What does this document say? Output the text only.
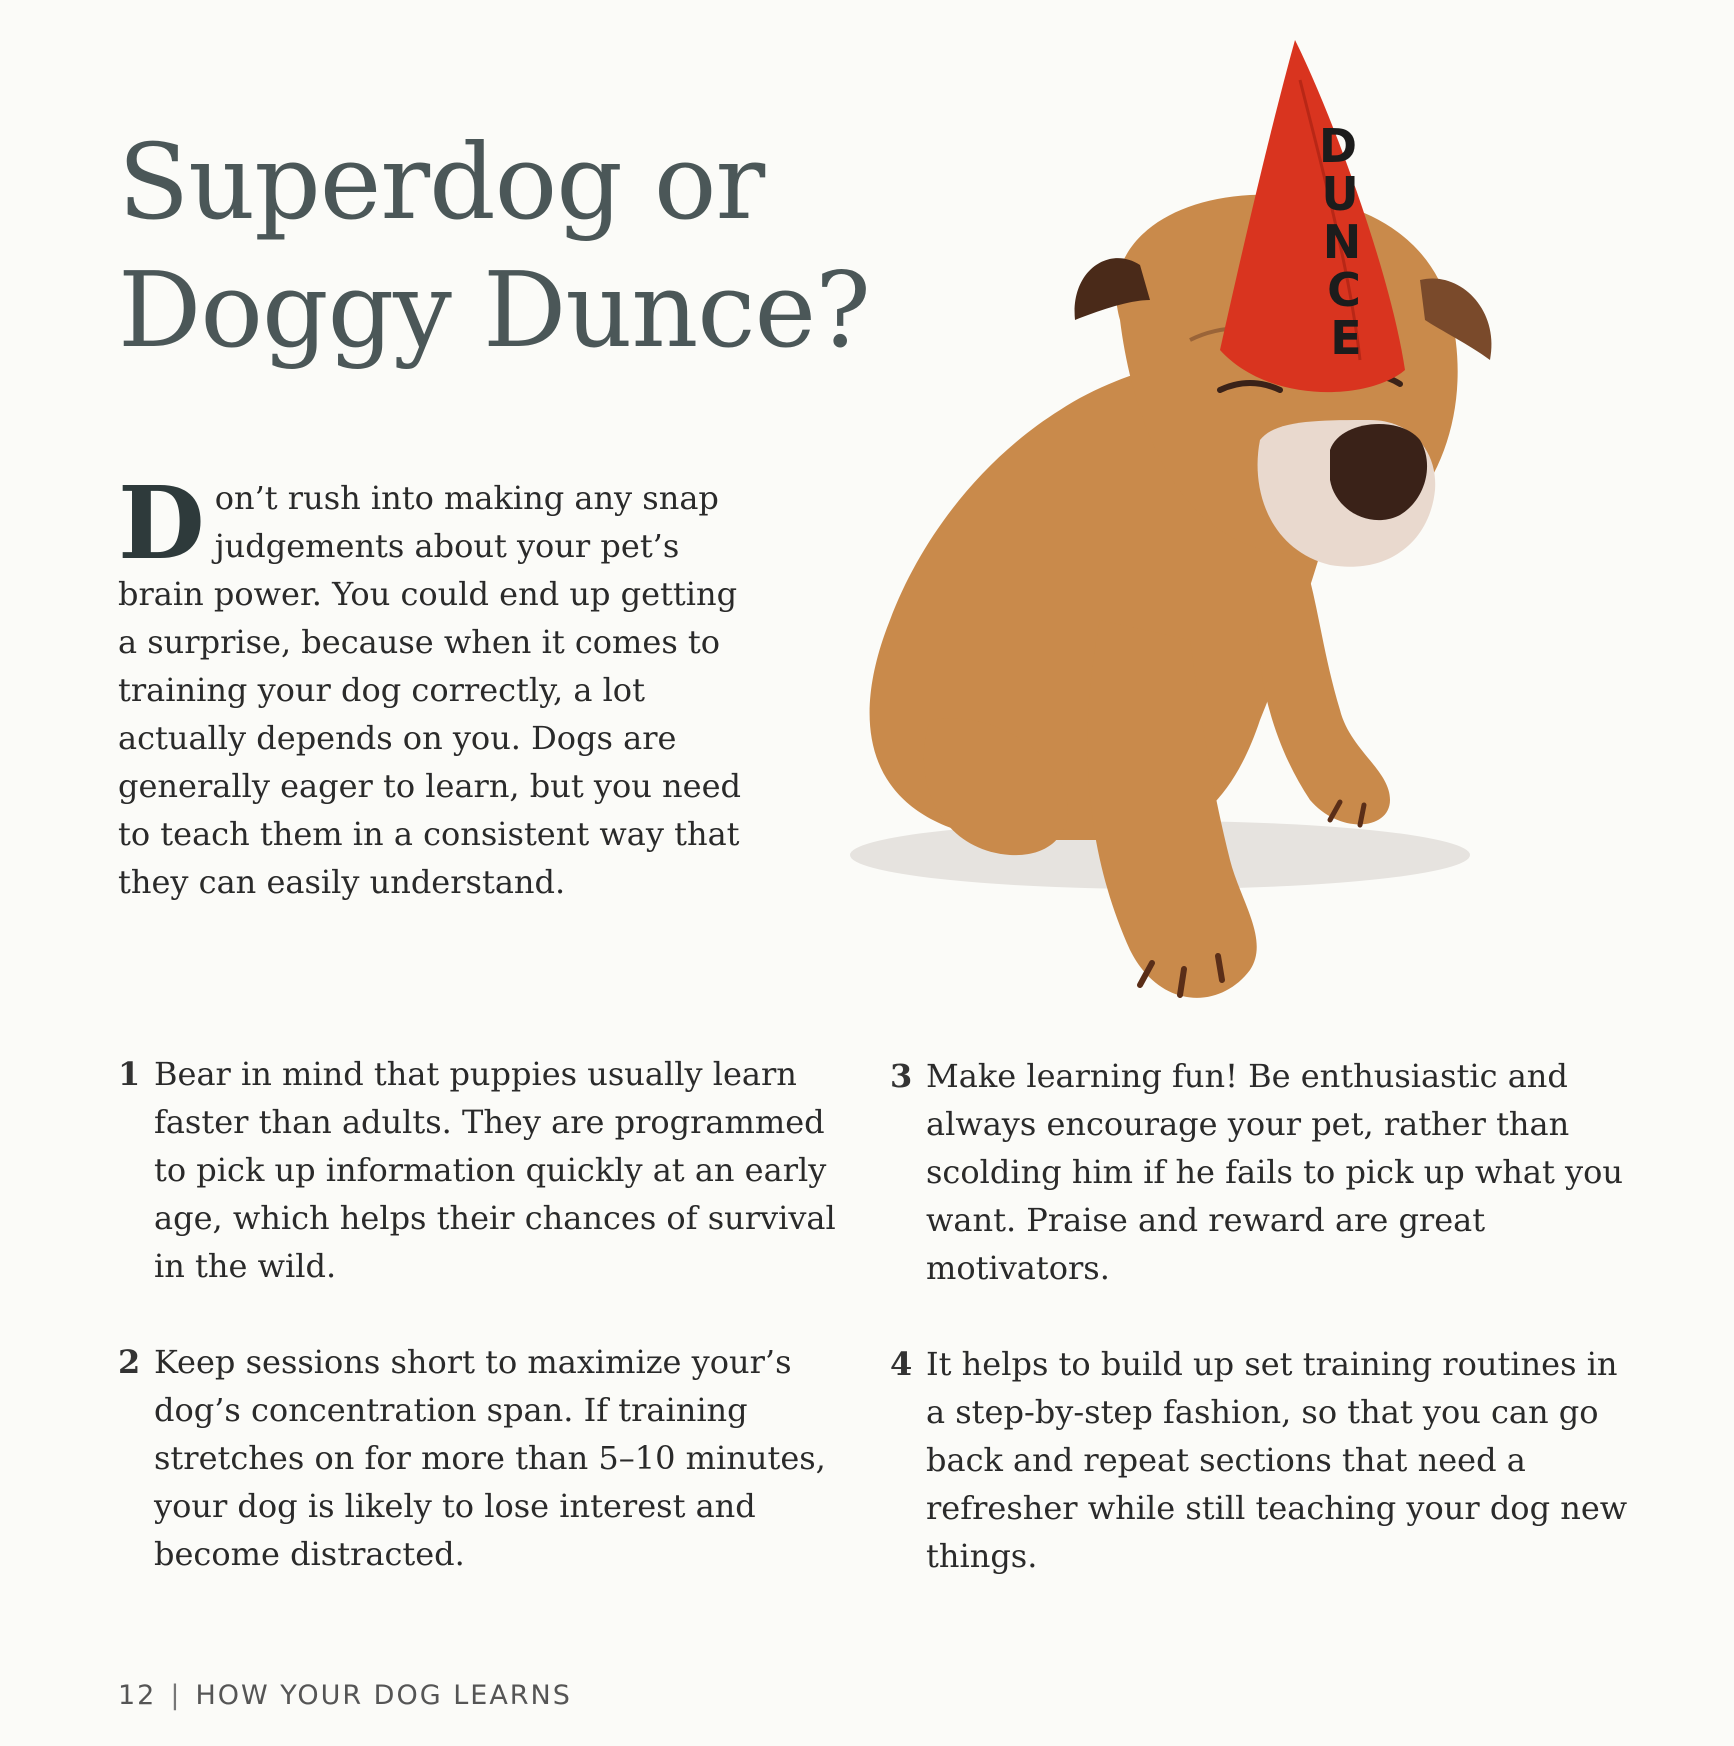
Superdog or
Doggy Dunce?

Don’t rush into making any snap judgements about your pet’s brain power. You could end up getting a surprise, because when it comes to training your dog correctly, a lot actually depends on you. Dogs are generally eager to learn, but you need to teach them in a consistent way that they can easily understand.

1 Bear in mind that puppies usually learn faster than adults. They are programmed to pick up information quickly at an early age, which helps their chances of survival in the wild.
2 Keep sessions short to maximize your’s dog’s concentration span. If training stretches on for more than 5–10 minutes, your dog is likely to lose interest and become distracted.
3 Make learning fun! Be enthusiastic and always encourage your pet, rather than scolding him if he fails to pick up what you want. Praise and reward are great motivators.
4 It helps to build up set training routines in a step-by-step fashion, so that you can go back and repeat sections that need a refresher while still teaching your dog new things.
D
U
N
C
E
12 | HOW YOUR DOG LEARNS
